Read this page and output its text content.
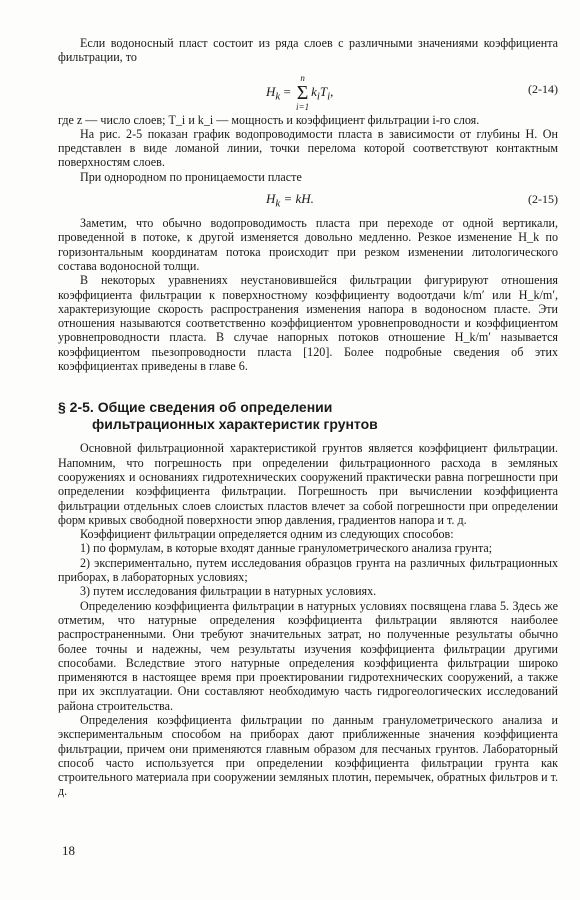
Если водоносный пласт состоит из ряда слоев с различными значениями коэффициента фильтрации, то

$H_k$ =
n
Σ
i=1
$k_iT_i$,	(2-14)

где z — число слоев; T_i и k_i — мощность и коэффициент фильтрации i-го слоя.

На рис. 2-5 показан график водопроводимости пласта в зависимости от глубины H. Он представлен в виде ломаной линии, точки перелома которой соответствуют контактным поверхностям слоев.

При однородном по проницаемости пласте

$H_k$ = kH.	(2-15)

Заметим, что обычно водопроводимость пласта при переходе от одной вертикали, проведенной в потоке, к другой изменяется довольно медленно. Резкое изменение H_k по горизонтальным координатам потока происходит при резком изменении литологического состава водоносной толщи.

В некоторых уравнениях неустановившейся фильтрации фигурируют отношения коэффициента фильтрации к поверхностному коэффициенту водоотдачи k/m′ или H_k/m′, характеризующие скорость распространения изменения напора в водоносном пласте. Эти отношения называются соответственно коэффициентом уровнепроводности и коэффициентом уровнепроводности пласта. В случае напорных потоков отношение H_k/m′ называется коэффициентом пьезопроводности пласта [120]. Более подробные сведения об этих коэффициентах приведены в главе 6.

§ 2-5. Общие сведения об определении
фильтрационных характеристик грунтов

Основной фильтрационной характеристикой грунтов является коэффициент фильтрации. Напомним, что погрешность при определении фильтрационного расхода в земляных сооружениях и основаниях гидротехнических сооружений практически равна погрешности при определении коэффициента фильтрации. Погрешность при вычислении коэффициента фильтрации отдельных слоев слоистых пластов влечет за собой погрешности при определении форм кривых свободной поверхности эпюр давления, градиентов напора и т. д.

Коэффициент фильтрации определяется одним из следующих способов:

1) по формулам, в которые входят данные гранулометрического анализа грунта;

2) экспериментально, путем исследования образцов грунта на различных фильтрационных приборах, в лабораторных условиях;

3) путем исследования фильтрации в натурных условиях.

Определению коэффициента фильтрации в натурных условиях посвящена глава 5. Здесь же отметим, что натурные определения коэффициента фильтрации являются наиболее распространенными. Они требуют значительных затрат, но полученные результаты обычно более точны и надежны, чем результаты изучения коэффициента фильтрации другими способами. Вследствие этого натурные определения коэффициента фильтрации широко применяются в настоящее время при проектировании гидротехнических сооружений, а также при их эксплуатации. Они составляют необходимую часть гидрогеологических исследований района строительства.

Определения коэффициента фильтрации по данным гранулометрического анализа и экспериментальным способом на приборах дают приближенные значения коэффициента фильтрации, причем они применяются главным образом для песчаных грунтов. Лабораторный способ часто используется при определении коэффициента фильтрации грунта как строительного материала при сооружении земляных плотин, перемычек, обратных фильтров и т. д.

18
